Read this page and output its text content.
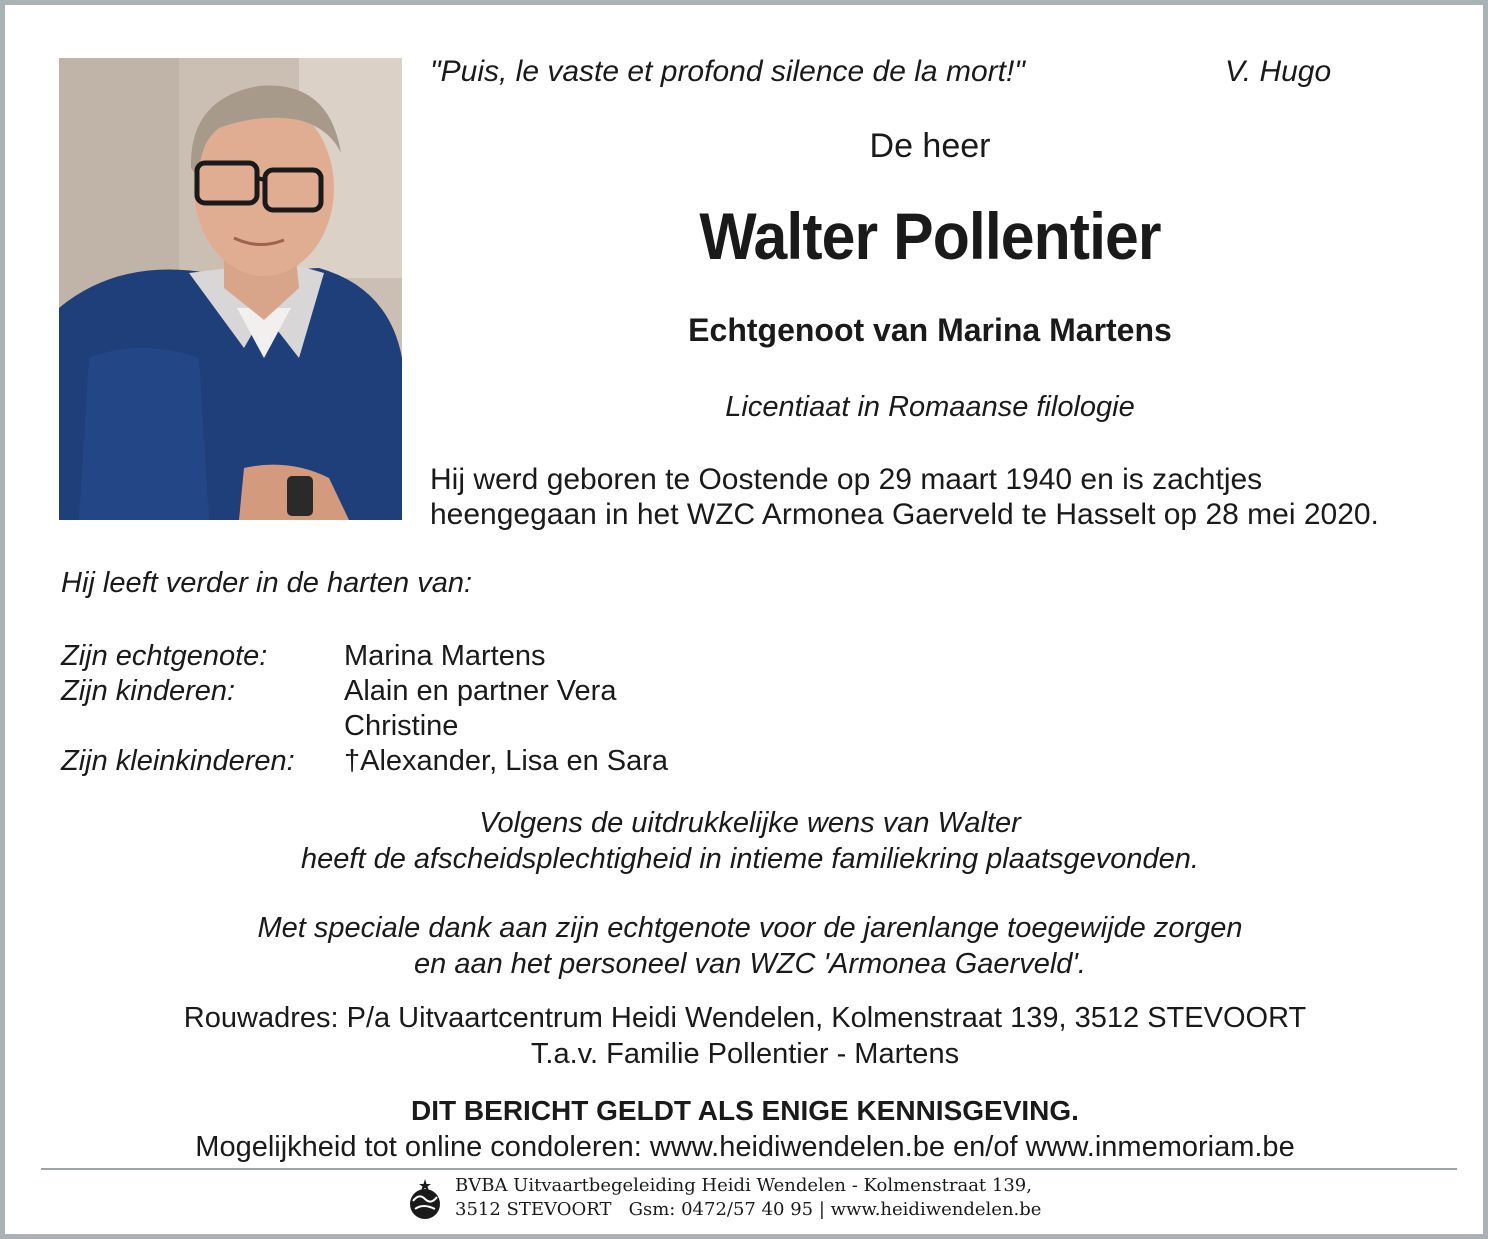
"Puis, le vaste et profond silence de la mort!"	V. Hugo
De heer
Walter Pollentier
Echtgenoot van Marina Martens
Licentiaat in Romaanse filologie
Hij werd geboren te Oostende op 29 maart 1940 en is zachtjes
heengegaan in het WZC Armonea Gaerveld te Hasselt op 28 mei 2020.
Hij leeft verder in de harten van:
Zijn echtgenote:	Marina Martens
Zijn kinderen:	Alain en partner Vera
Christine
Zijn kleinkinderen:	†Alexander, Lisa en Sara
Volgens de uitdrukkelijke wens van Walter
heeft de afscheidsplechtigheid in intieme familiekring plaatsgevonden.
Met speciale dank aan zijn echtgenote voor de jarenlange toegewijde zorgen
en aan het personeel van WZC 'Armonea Gaerveld'.
Rouwadres: P/a Uitvaartcentrum Heidi Wendelen, Kolmenstraat 139, 3512 STEVOORT
T.a.v. Familie Pollentier - Martens
DIT BERICHT GELDT ALS ENIGE KENNISGEVING.
Mogelijkheid tot online condoleren: www.heidiwendelen.be en/of www.inmemoriam.be
BVBA Uitvaartbegeleiding Heidi Wendelen - Kolmenstraat 139,
3512 STEVOORT   Gsm: 0472/57 40 95 | www.heidiwendelen.be
